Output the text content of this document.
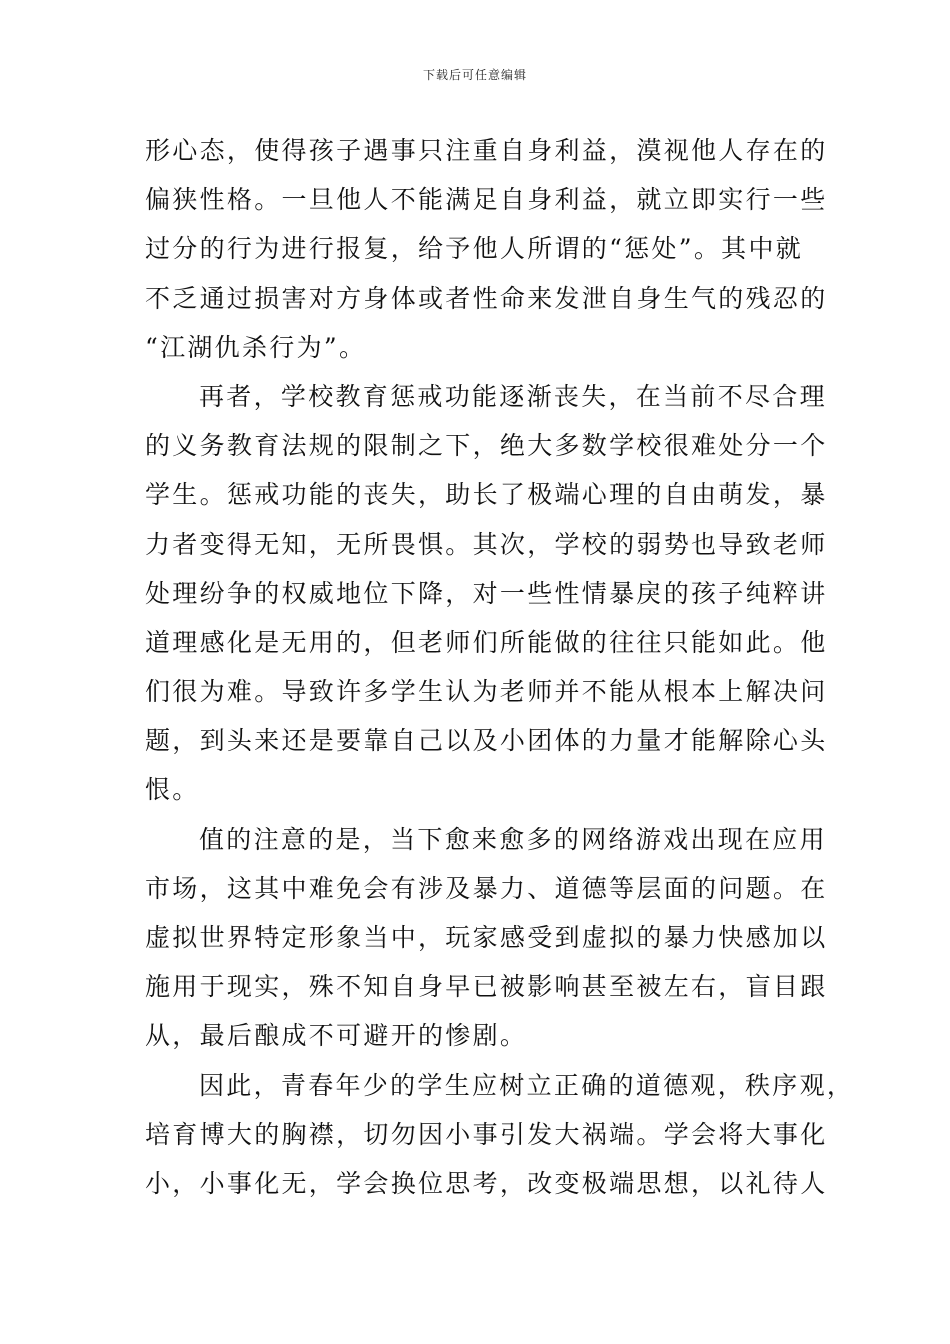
下载后可任意编辑
形心态，使得孩子遇事只注重自身利益，漠视他人存在的
偏狭性格。一旦他人不能满足自身利益，就立即实行一些
过分的行为进行报复，给予他人所谓的“惩处”。其中就
不乏通过损害对方身体或者性命来发泄自身生气的残忍的
“江湖仇杀行为”。
再者，学校教育惩戒功能逐渐丧失，在当前不尽合理
的义务教育法规的限制之下，绝大多数学校很难处分一个
学生。惩戒功能的丧失，助长了极端心理的自由萌发，暴
力者变得无知，无所畏惧。其次，学校的弱势也导致老师
处理纷争的权威地位下降，对一些性情暴戾的孩子纯粹讲
道理感化是无用的，但老师们所能做的往往只能如此。他
们很为难。导致许多学生认为老师并不能从根本上解决问
题，到头来还是要靠自己以及小团体的力量才能解除心头
恨。
值的注意的是，当下愈来愈多的网络游戏出现在应用
市场，这其中难免会有涉及暴力、道德等层面的问题。在
虚拟世界特定形象当中，玩家感受到虚拟的暴力快感加以
施用于现实，殊不知自身早已被影响甚至被左右，盲目跟
从，最后酿成不可避开的惨剧。
因此，青春年少的学生应树立正确的道德观，秩序观，
培育博大的胸襟，切勿因小事引发大祸端。学会将大事化
小，小事化无，学会换位思考，改变极端思想，以礼待人
